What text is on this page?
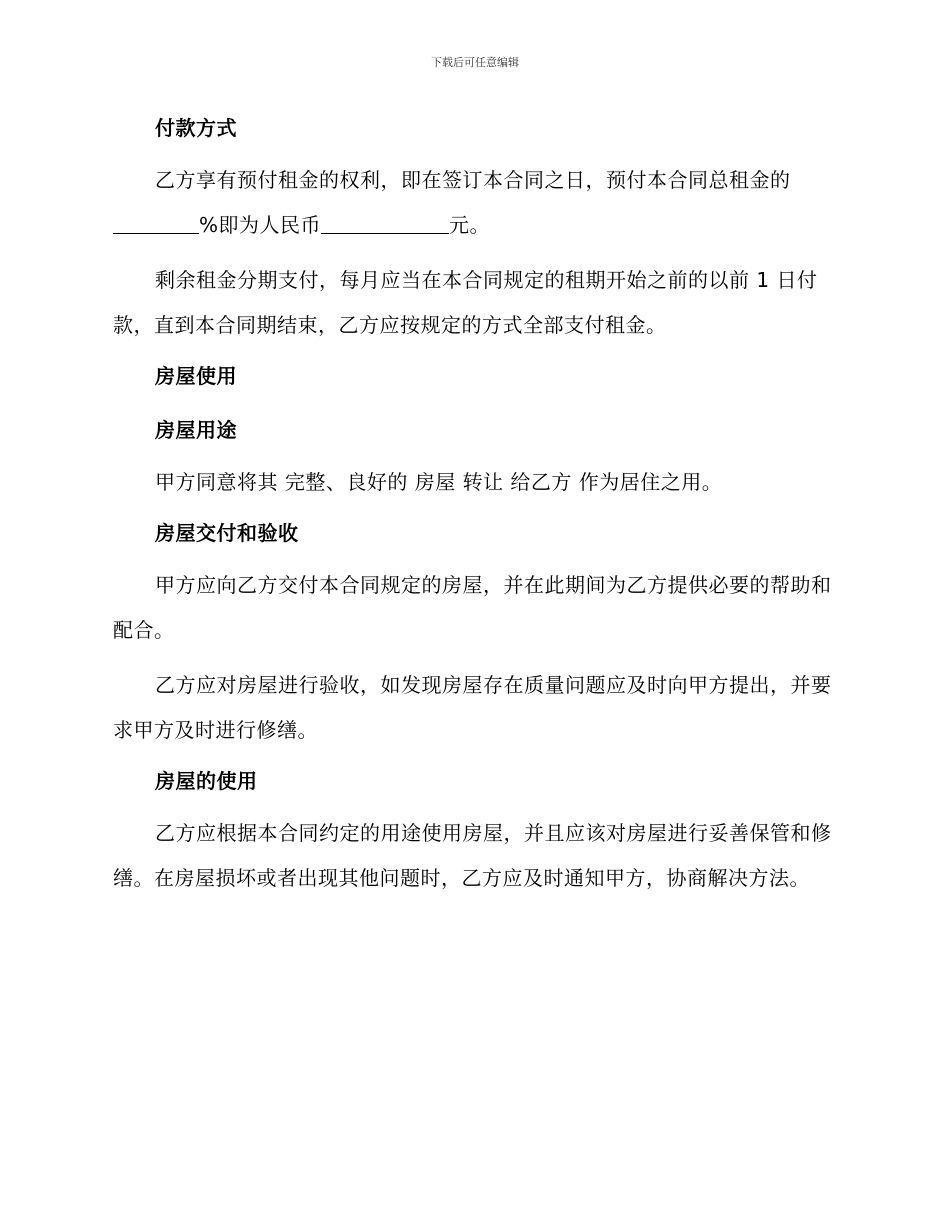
下载后可任意编辑
付款方式
乙方享有预付租金的权利，即在签订本合同之日，预付本合同总租金的%即为人民币	元。
剩余租金分期支付，每月应当在本合同规定的租期开始之前的以前 1 日付款，直到本合同期结束，乙方应按规定的方式全部支付租金。
房屋使用
房屋用途
甲方同意将其 完整、良好的 房屋 转让 给乙方 作为居住之用。
房屋交付和验收
甲方应向乙方交付本合同规定的房屋，并在此期间为乙方提供必要的帮助和配合。
乙方应对房屋进行验收，如发现房屋存在质量问题应及时向甲方提出，并要求甲方及时进行修缮。
房屋的使用
乙方应根据本合同约定的用途使用房屋，并且应该对房屋进行妥善保管和修缮。在房屋损坏或者出现其他问题时，乙方应及时通知甲方，协商解决方法。
